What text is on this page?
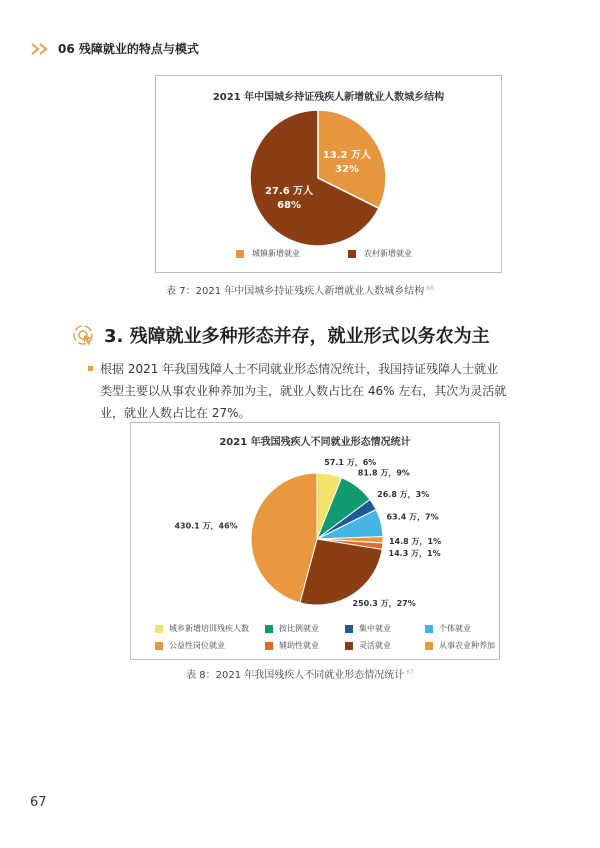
06 残障就业的特点与模式
2021 年中国城乡持证残疾人新增就业人数城乡结构
13.2 万人
32%
27.6 万人
68%
城镇新增就业	农村新增就业
表 7：2021 年中国城乡持证残疾人新增就业人数城乡结构 $^{66}$
3. 残障就业多种形态并存，就业形式以务农为主
根据 2021 年我国残障人士不同就业形态情况统计，我国持证残障人士就业类型主要以从事农业种养加为主，就业人数占比在 46% 左右，其次为灵活就业，就业人数占比在 27%。
2021 年我国残疾人不同就业形态情况统计
57.1 万，6%
81.8 万，9%
26.8 万，3%
63.4 万，7%
14.8 万，1%
14.3 万，1%
250.3 万，27%
430.1 万，46%
城乡新增培训残疾人数	按比例就业	集中就业	个体就业
公益性岗位就业	辅助性就业	灵活就业	从事农业种养加
表 8：2021 年我国残疾人不同就业形态情况统计 $^{67}$
67
